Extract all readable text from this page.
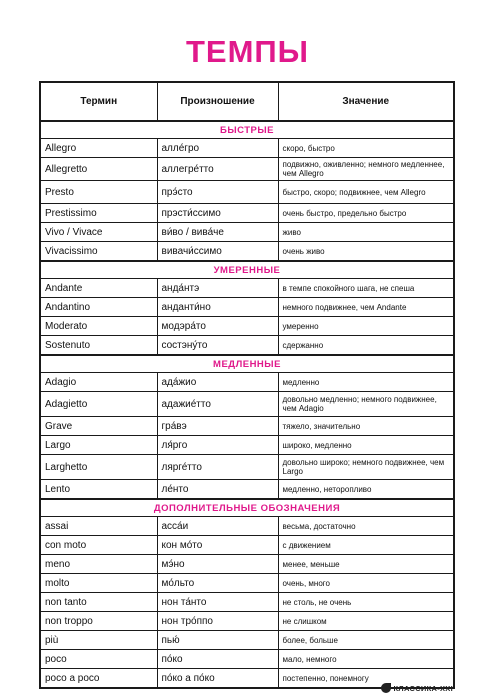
ТЕМПЫ
Термин	Произношение	Значение
БЫСТРЫЕ		
Allegro	алле́гро	скоро, быстро
Allegretto	аллегре́тто	подвижно, оживленно; немного медленнее, чем Allegro
Presto	прэ́сто	быстро, скоро; подвижнее, чем Allegro
Prestissimo	прэсти́ссимо	очень быстро, предельно быстро
Vivo / Vivace	ви́во / вива́че	живо
Vivacissimo	вивачи́ссимо	очень живо
УМЕРЕННЫЕ		
Andante	анда́нтэ	в темпе спокойного шага, не спеша
Andantino	анданти́но	немного подвижнее, чем Andante
Moderato	модэра́то	умеренно
Sostenuto	состэну́то	сдержанно
МЕДЛЕННЫЕ		
Adagio	ада́жио	медленно
Adagietto	адажие́тто	довольно медленно; немного подвижнее, чем Adagio
Grave	гра́вэ	тяжело, значительно
Largo	ля́рго	широко, медленно
Larghetto	лярге́тто	довольно широко; немного подвижнее, чем Largo
Lento	ле́нто	медленно, неторопливо
ДОПОЛНИТЕЛЬНЫЕ ОБОЗНАЧЕНИЯ		
assai	асса́и	весьма, достаточно
con moto	кон мо́то	с движением
meno	мэ́но	менее, меньше
molto	мо́льто	очень, много
non tanto	нон та́нто	не столь, не очень
non troppo	нон тро́ппо	не слишком
più	пью́	более, больше
poco	по́ко	мало, немного
poco a poco	по́ко а по́ко	постепенно, понемногу
КЛАССИКА-XXI
